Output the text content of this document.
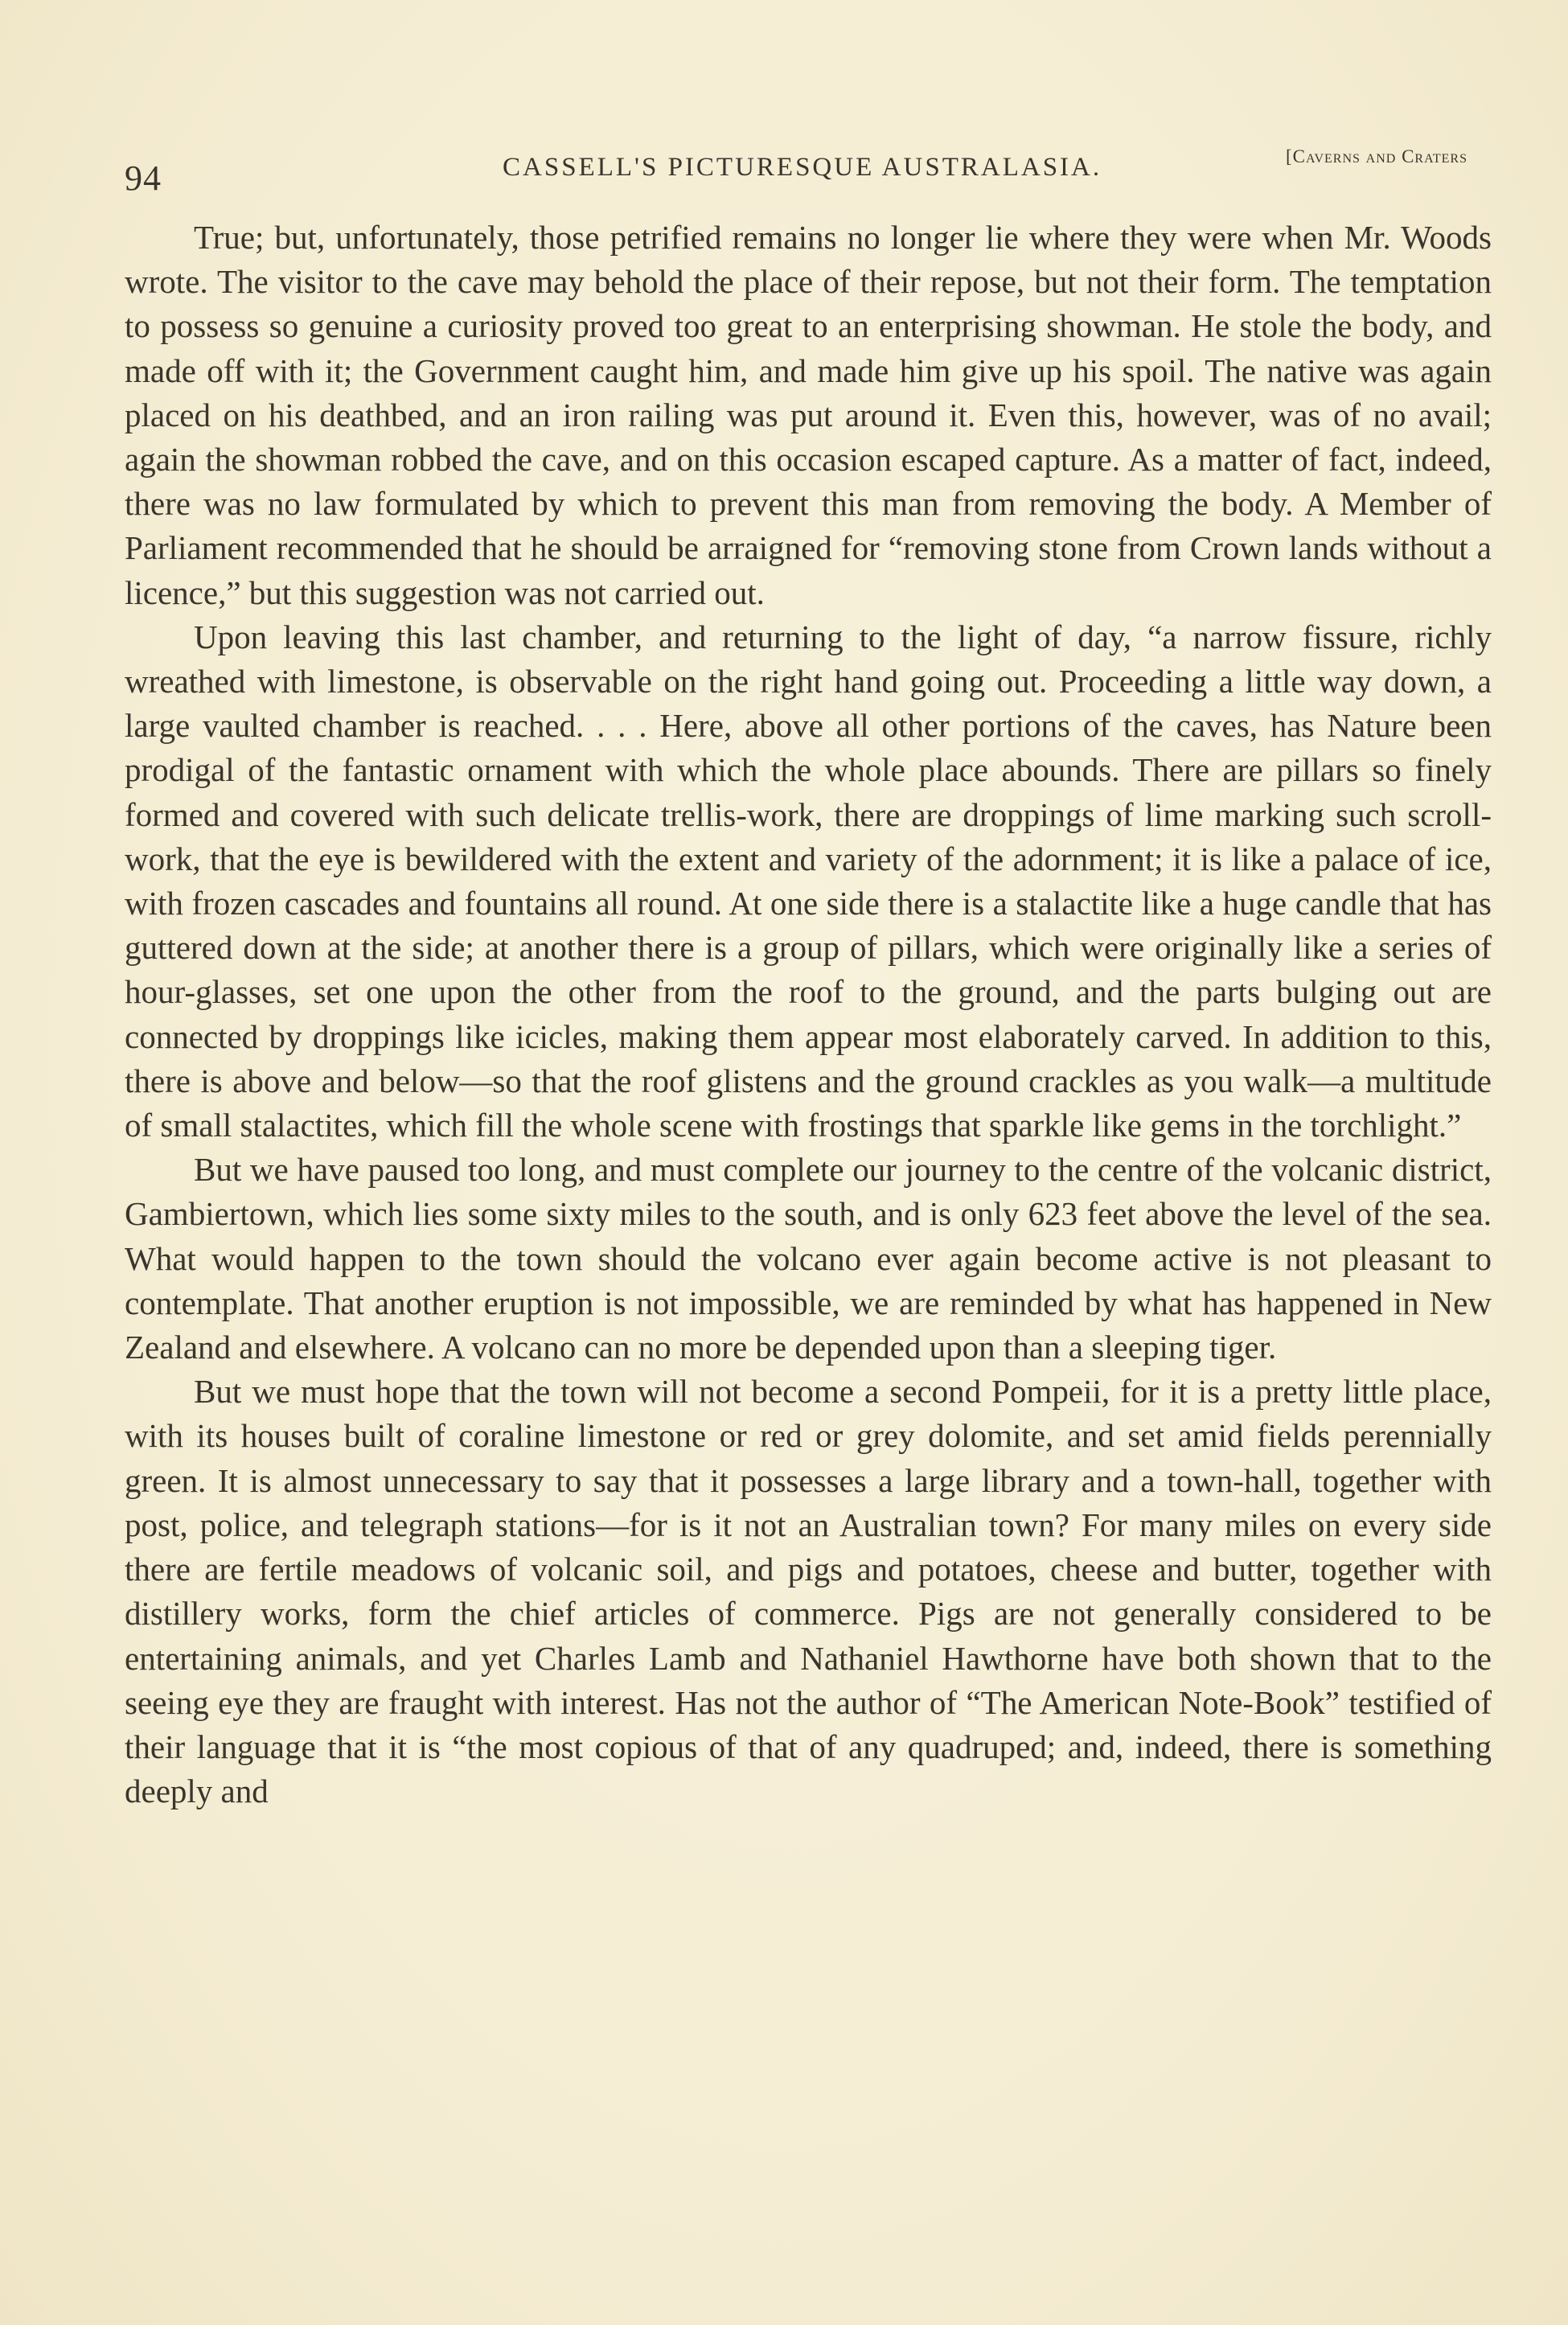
94	CASSELL'S PICTURESQUE AUSTRALASIA.	[Caverns and Craters

True; but, unfortunately, those petrified remains no longer lie where they were when Mr. Woods wrote. The visitor to the cave may behold the place of their repose, but not their form. The temptation to possess so genuine a curiosity proved too great to an enterprising showman. He stole the body, and made off with it; the Government caught him, and made him give up his spoil. The native was again placed on his deathbed, and an iron railing was put around it. Even this, however, was of no avail; again the showman robbed the cave, and on this occasion escaped capture. As a matter of fact, indeed, there was no law formulated by which to prevent this man from removing the body. A Member of Parliament recommended that he should be arraigned for “removing stone from Crown lands without a licence,” but this suggestion was not carried out.

Upon leaving this last chamber, and returning to the light of day, “a narrow fissure, richly wreathed with limestone, is observable on the right hand going out. Proceeding a little way down, a large vaulted chamber is reached. . . . Here, above all other portions of the caves, has Nature been prodigal of the fantastic ornament with which the whole place abounds. There are pillars so finely formed and covered with such delicate trellis-work, there are droppings of lime marking such scroll-work, that the eye is bewildered with the extent and variety of the adornment; it is like a palace of ice, with frozen cascades and fountains all round. At one side there is a stalactite like a huge candle that has guttered down at the side; at another there is a group of pillars, which were originally like a series of hour-glasses, set one upon the other from the roof to the ground, and the parts bulging out are connected by droppings like icicles, making them appear most elaborately carved. In addition to this, there is above and below—so that the roof glistens and the ground crackles as you walk—a multitude of small stalactites, which fill the whole scene with frostings that sparkle like gems in the torchlight.”

But we have paused too long, and must complete our journey to the centre of the volcanic district, Gambiertown, which lies some sixty miles to the south, and is only 623 feet above the level of the sea. What would happen to the town should the volcano ever again become active is not pleasant to contemplate. That another eruption is not impossible, we are reminded by what has happened in New Zealand and elsewhere. A volcano can no more be depended upon than a sleeping tiger.

But we must hope that the town will not become a second Pompeii, for it is a pretty little place, with its houses built of coraline limestone or red or grey dolomite, and set amid fields perennially green. It is almost unnecessary to say that it possesses a large library and a town-hall, together with post, police, and telegraph stations—for is it not an Australian town? For many miles on every side there are fertile meadows of volcanic soil, and pigs and potatoes, cheese and butter, together with distillery works, form the chief articles of commerce. Pigs are not generally considered to be entertaining animals, and yet Charles Lamb and Nathaniel Hawthorne have both shown that to the seeing eye they are fraught with interest. Has not the author of “The American Note-Book” testified of their language that it is “the most copious of that of any quadruped; and, indeed, there is something deeply and
